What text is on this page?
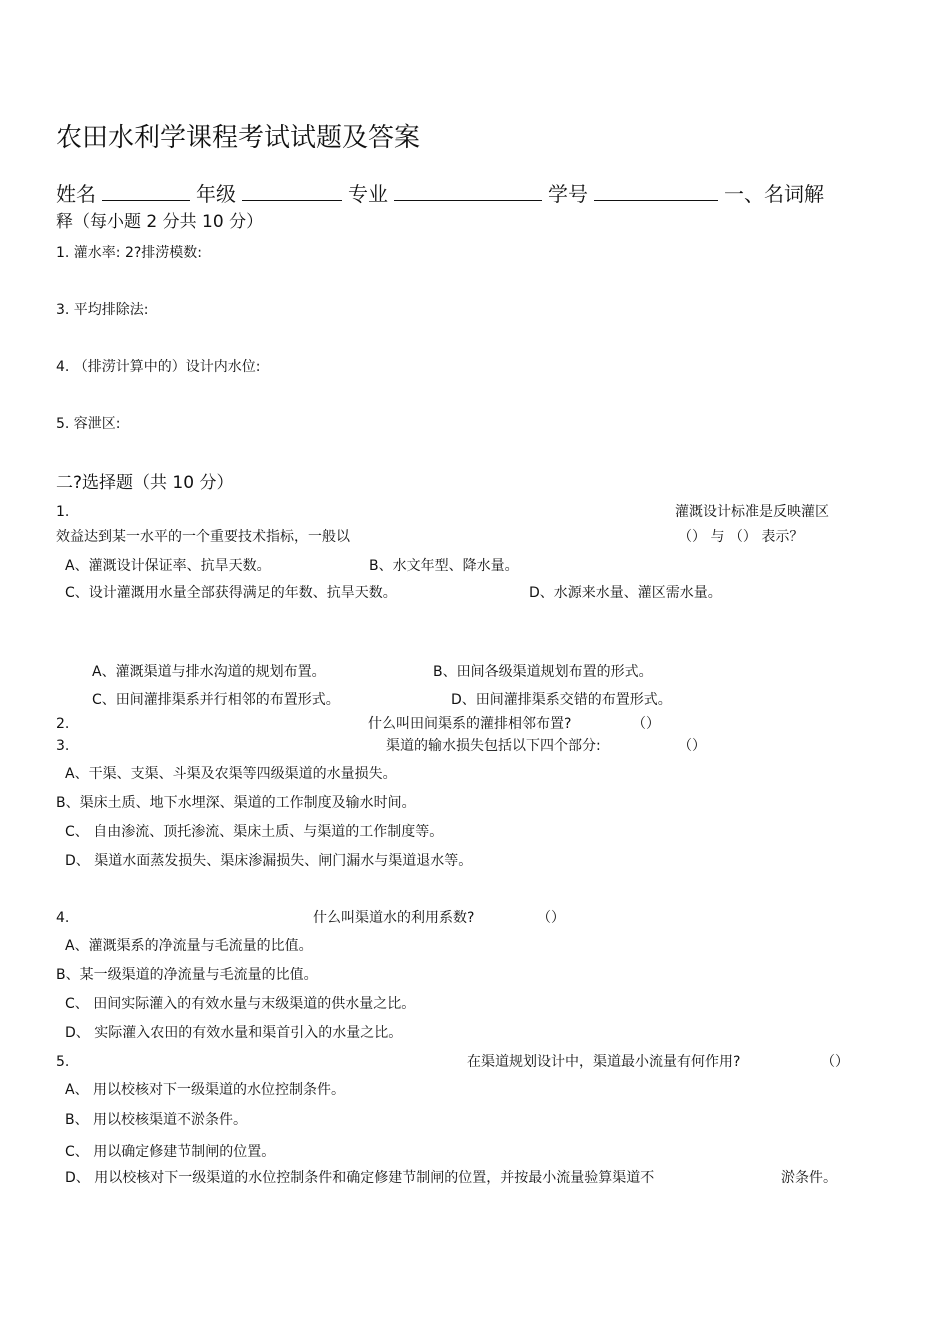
农田水利学课程考试试题及答案
姓名	年级	专业	学号	一、名词解
释（每小题 2 分共 10 分）
1. 灌水率: 2?排涝模数:
3. 平均排除法:
4. （排涝计算中的）设计内水位:
5. 容泄区:
二?选择题（共 10 分）
1.	灌溉设计标准是反映灌区
效益达到某一水平的一个重要技术指标，一般以	（） 与 （） 表示？
A、灌溉设计保证率、抗旱天数。	B、水文年型、降水量。
C、设计灌溉用水量全部获得满足的年数、抗旱天数。	D、水源来水量、灌区需水量。
A、灌溉渠道与排水沟道的规划布置。	B、田间各级渠道规划布置的形式。
C、田间灌排渠系并行相邻的布置形式。	D、田间灌排渠系交错的布置形式。
2.	什么叫田间渠系的灌排相邻布置?	（）
3.	渠道的输水损失包括以下四个部分:	（）
A、干渠、支渠、斗渠及农渠等四级渠道的水量损失。
B、渠床土质、地下水埋深、渠道的工作制度及输水时间。
C、 自由渗流、顶托渗流、渠床土质、与渠道的工作制度等。
D、 渠道水面蒸发损失、渠床渗漏损失、闸门漏水与渠道退水等。
4.	什么叫渠道水的利用系数?	（）
A、灌溉渠系的净流量与毛流量的比值。
B、某一级渠道的净流量与毛流量的比值。
C、 田间实际灌入的有效水量与末级渠道的供水量之比。
D、 实际灌入农田的有效水量和渠首引入的水量之比。
5.	在渠道规划设计中，渠道最小流量有何作用?	（）
A、 用以校核对下一级渠道的水位控制条件。
B、 用以校核渠道不淤条件。
C、 用以确定修建节制闸的位置。
D、 用以校核对下一级渠道的水位控制条件和确定修建节制闸的位置，并按最小流量验算渠道不	淤条件。
